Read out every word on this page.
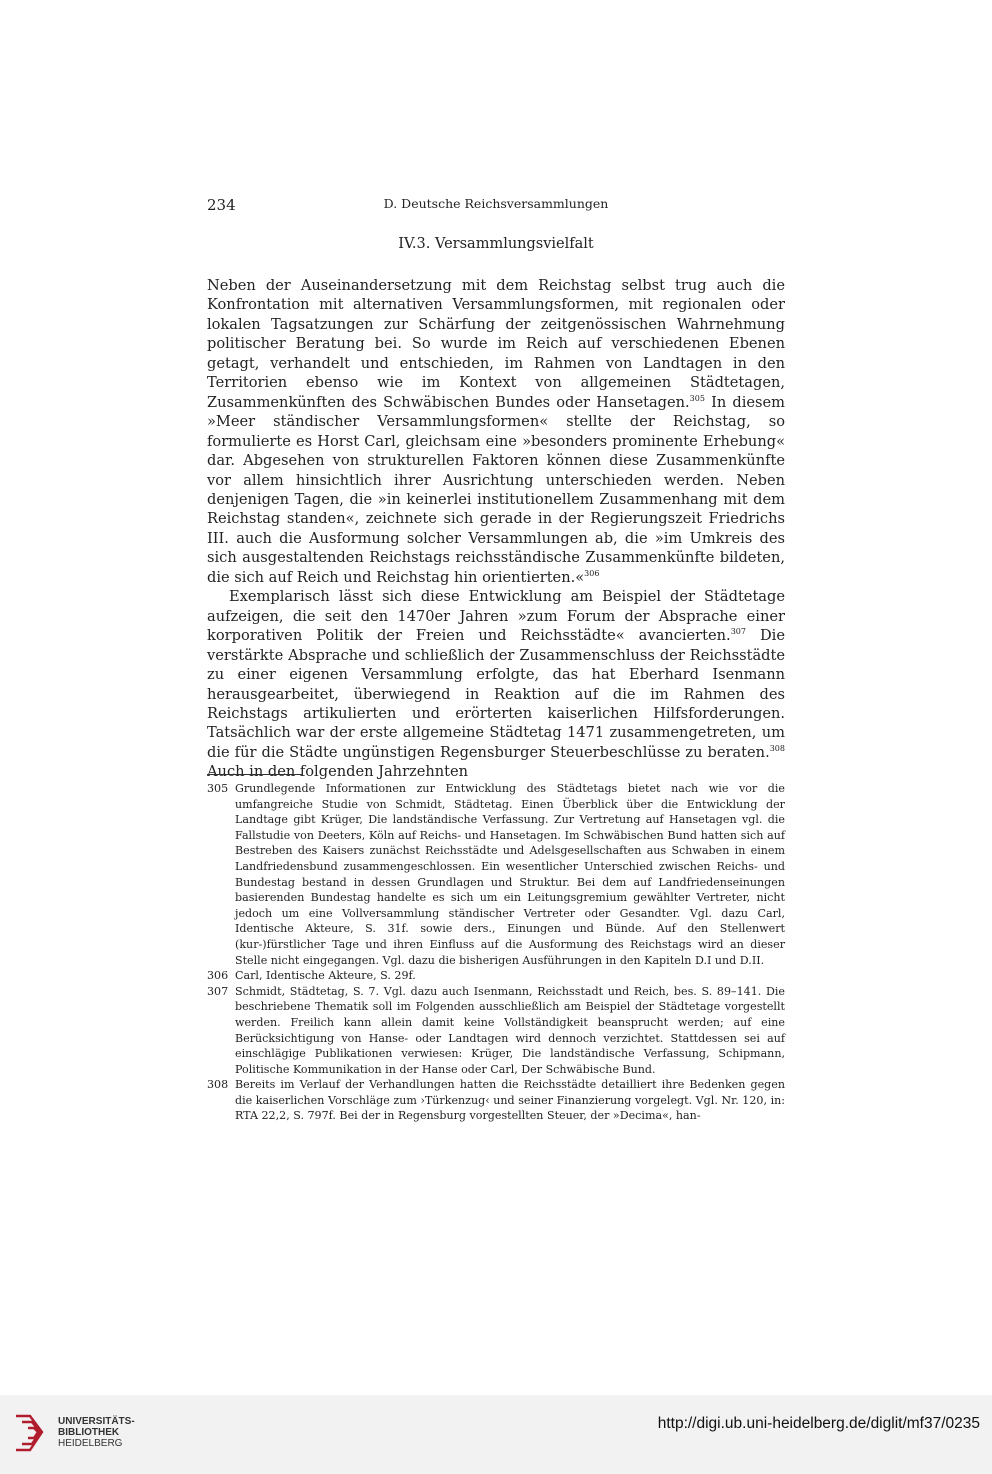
234	D. Deutsche Reichsversammlungen
IV.3. Versammlungsvielfalt

Neben der Auseinandersetzung mit dem Reichstag selbst trug auch die Konfrontation mit alternativen Versammlungsformen, mit regionalen oder lokalen Tagsatzungen zur Schärfung der zeitgenössischen Wahrnehmung politischer Beratung bei. So wurde im Reich auf verschiedenen Ebenen getagt, verhandelt und entschieden, im Rahmen von Landtagen in den Territorien ebenso wie im Kontext von allgemeinen Städtetagen, Zusammenkünften des Schwäbischen Bundes oder Hansetagen.$^{305}$ In diesem »Meer ständischer Versammlungsformen« stellte der Reichstag, so formulierte es Horst Carl, gleichsam eine »besonders prominente Erhebung« dar. Abgesehen von strukturellen Faktoren können diese Zusammenkünfte vor allem hinsichtlich ihrer Ausrichtung unterschieden werden. Neben denjenigen Tagen, die »in keinerlei institutionellem Zusammenhang mit dem Reichstag standen«, zeichnete sich gerade in der Regierungszeit Friedrichs III. auch die Ausformung solcher Versammlungen ab, die »im Umkreis des sich ausgestaltenden Reichstags reichsständische Zusammenkünfte bildeten, die sich auf Reich und Reichstag hin orientierten.«$^{306}$

Exemplarisch lässt sich diese Entwicklung am Beispiel der Städtetage aufzeigen, die seit den 1470er Jahren »zum Forum der Absprache einer korporativen Politik der Freien und Reichsstädte« avancierten.$^{307}$ Die verstärkte Absprache und schließlich der Zusammenschluss der Reichsstädte zu einer eigenen Versammlung erfolgte, das hat Eberhard Isenmann herausgearbeitet, überwiegend in Reaktion auf die im Rahmen des Reichstags artikulierten und erörterten kaiserlichen Hilfsforderungen. Tatsächlich war der erste allgemeine Städtetag 1471 zusammengetreten, um die für die Städte ungünstigen Regensburger Steuerbeschlüsse zu beraten.$^{308}$ Auch in den folgenden Jahrzehnten

305 Grundlegende Informationen zur Entwicklung des Städtetags bietet nach wie vor die umfangreiche Studie von Schmidt, Städtetag. Einen Überblick über die Entwicklung der Landtage gibt Krüger, Die landständische Verfassung. Zur Vertretung auf Hansetagen vgl. die Fallstudie von Deeters, Köln auf Reichs- und Hansetagen. Im Schwäbischen Bund hatten sich auf Bestreben des Kaisers zunächst Reichsstädte und Adelsgesellschaften aus Schwaben in einem Landfriedensbund zusammengeschlossen. Ein wesentlicher Unterschied zwischen Reichs- und Bundestag bestand in dessen Grundlagen und Struktur. Bei dem auf Landfriedenseinungen basierenden Bundestag handelte es sich um ein Leitungsgremium gewählter Vertreter, nicht jedoch um eine Vollversammlung ständischer Vertreter oder Gesandter. Vgl. dazu Carl, Identische Akteure, S. 31f. sowie ders., Einungen und Bünde. Auf den Stellenwert (kur-)fürstlicher Tage und ihren Einfluss auf die Ausformung des Reichstags wird an dieser Stelle nicht eingegangen. Vgl. dazu die bisherigen Ausführungen in den Kapiteln D.I und D.II.
306 Carl, Identische Akteure, S. 29f.
307 Schmidt, Städtetag, S. 7. Vgl. dazu auch Isenmann, Reichsstadt und Reich, bes. S. 89–141. Die beschriebene Thematik soll im Folgenden ausschließlich am Beispiel der Städtetage vorgestellt werden. Freilich kann allein damit keine Vollständigkeit beansprucht werden; auf eine Berücksichtigung von Hanse- oder Landtagen wird dennoch verzichtet. Stattdessen sei auf einschlägige Publikationen verwiesen: Krüger, Die landständische Verfassung, Schipmann, Politische Kommunikation in der Hanse oder Carl, Der Schwäbische Bund.
308 Bereits im Verlauf der Verhandlungen hatten die Reichsstädte detailliert ihre Bedenken gegen die kaiserlichen Vorschläge zum ›Türkenzug‹ und seiner Finanzierung vorgelegt. Vgl. Nr. 120, in: RTA 22,2, S. 797f. Bei der in Regensburg vorgestellten Steuer, der »Decima«, han-
UNIVERSITÄTS-
BIBLIOTHEK
HEIDELBERG
http://digi.ub.uni-heidelberg.de/diglit/mf37/0235
